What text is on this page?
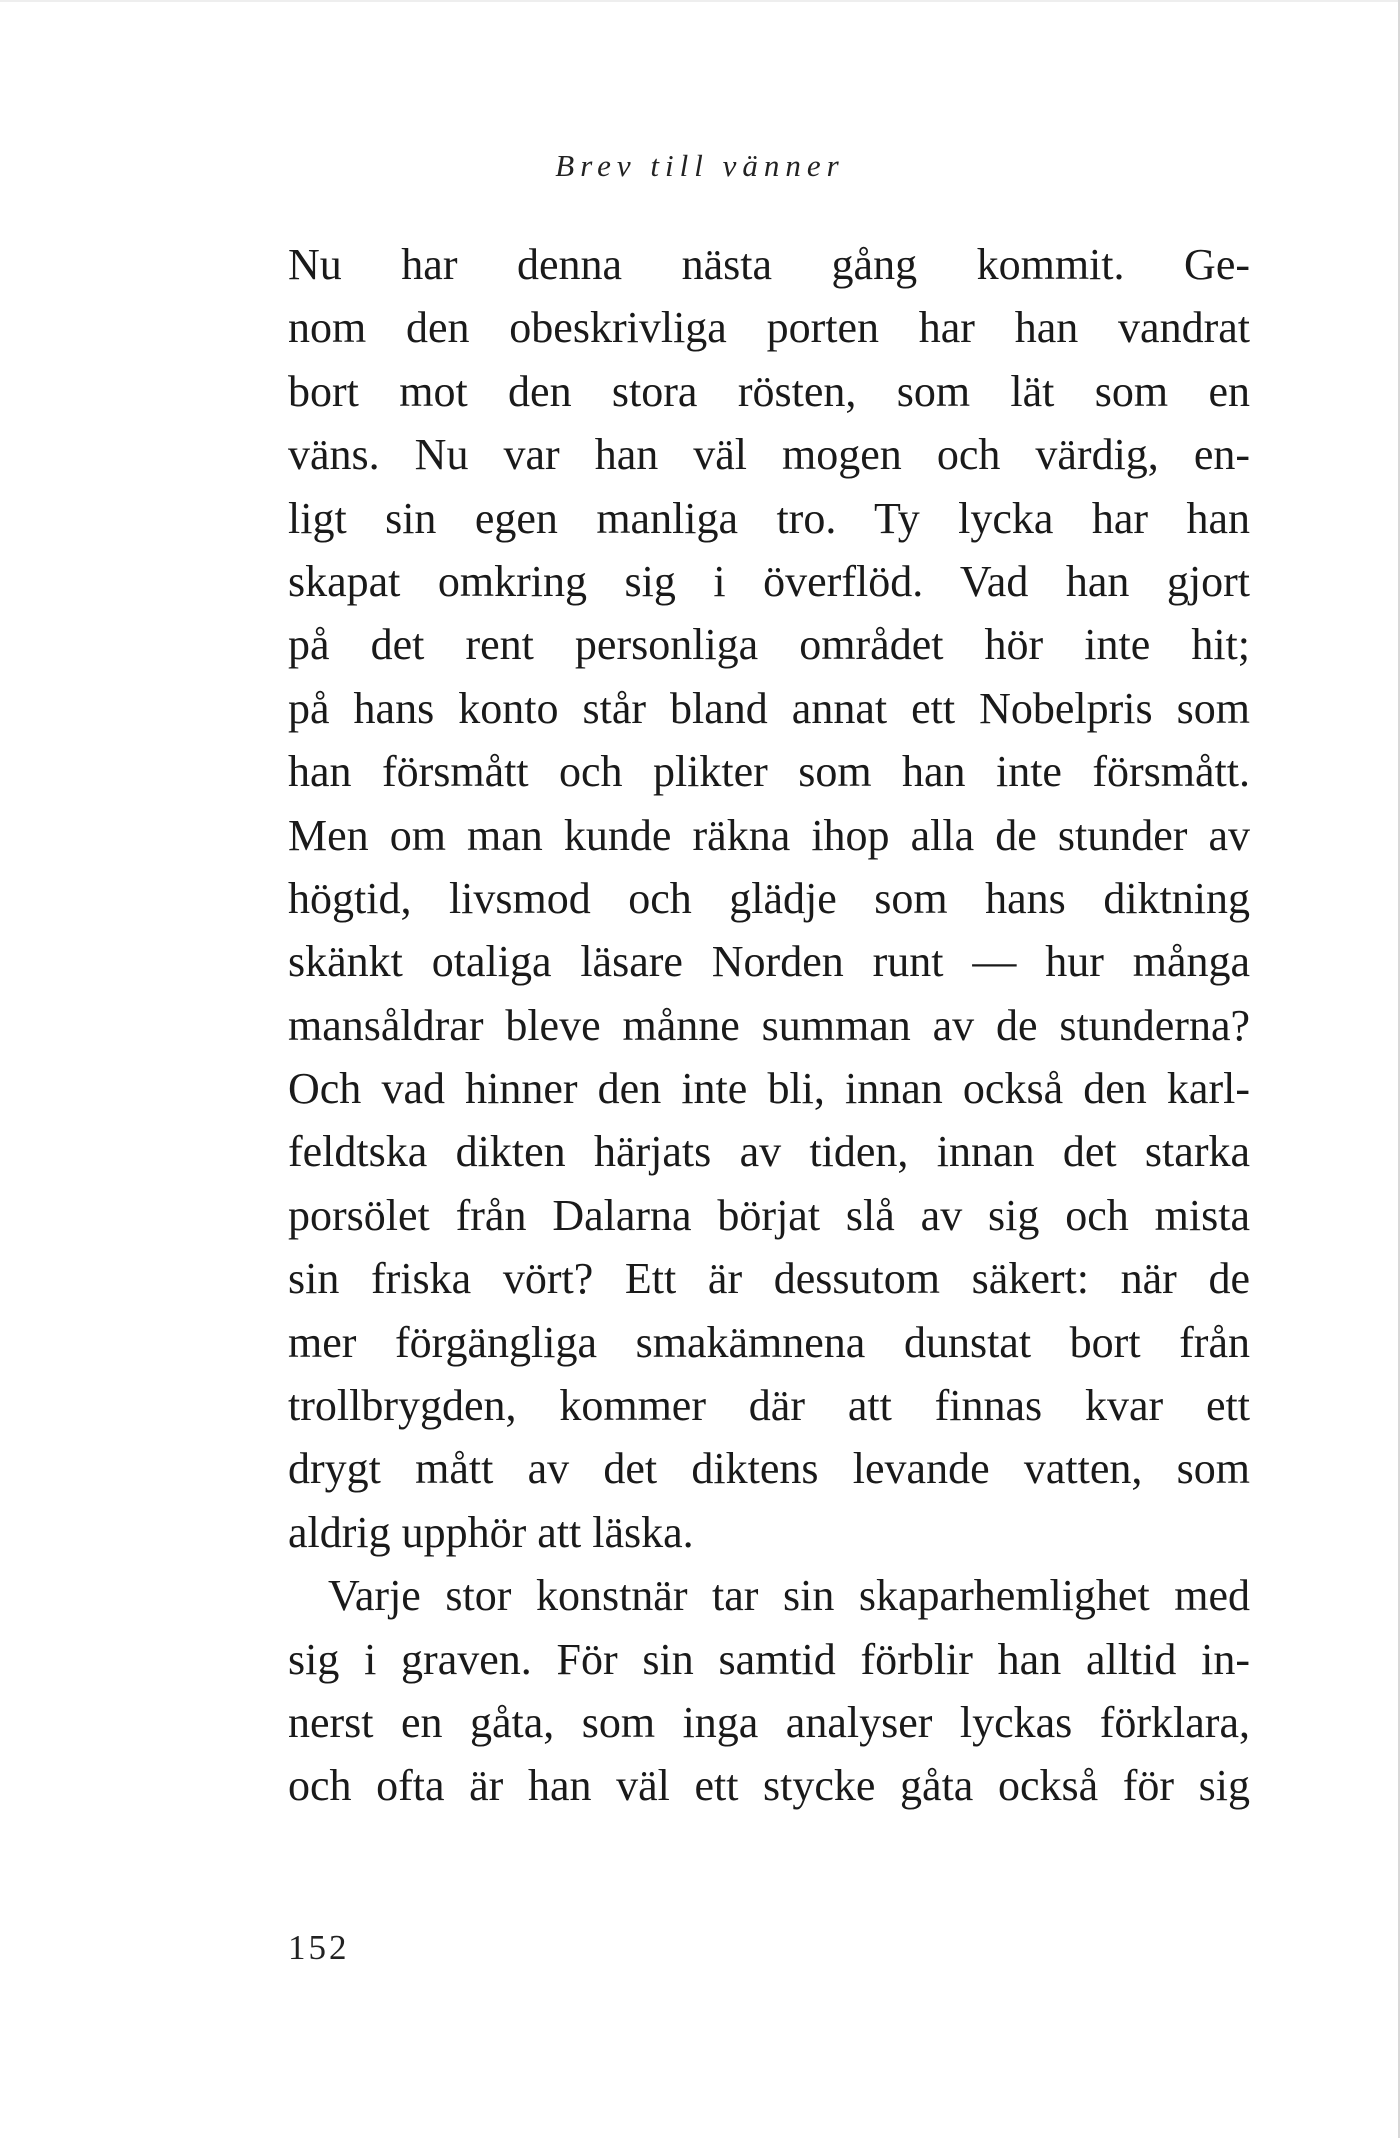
Brev till vänner
Nu har denna nästa gång kommit. Ge-
nom den obeskrivliga porten har han vandrat
bort mot den stora rösten, som lät som en
väns. Nu var han väl mogen och värdig, en-
ligt sin egen manliga tro. Ty lycka har han
skapat omkring sig i överflöd. Vad han gjort
på det rent personliga området hör inte hit;
på hans konto står bland annat ett Nobelpris som
han försmått och plikter som han inte försmått.
Men om man kunde räkna ihop alla de stunder av
högtid, livsmod och glädje som hans diktning
skänkt otaliga läsare Norden runt — hur många
mansåldrar bleve månne summan av de stunderna?
Och vad hinner den inte bli, innan också den karl-
feldtska dikten härjats av tiden, innan det starka
porsölet från Dalarna börjat slå av sig och mista
sin friska vört? Ett är dessutom säkert: när de
mer förgängliga smakämnena dunstat bort från
trollbrygden, kommer där att finnas kvar ett
drygt mått av det diktens levande vatten, som
aldrig upphör att läska.
Varje stor konstnär tar sin skaparhemlighet med
sig i graven. För sin samtid förblir han alltid in-
nerst en gåta, som inga analyser lyckas förklara,
och ofta är han väl ett stycke gåta också för sig
152
